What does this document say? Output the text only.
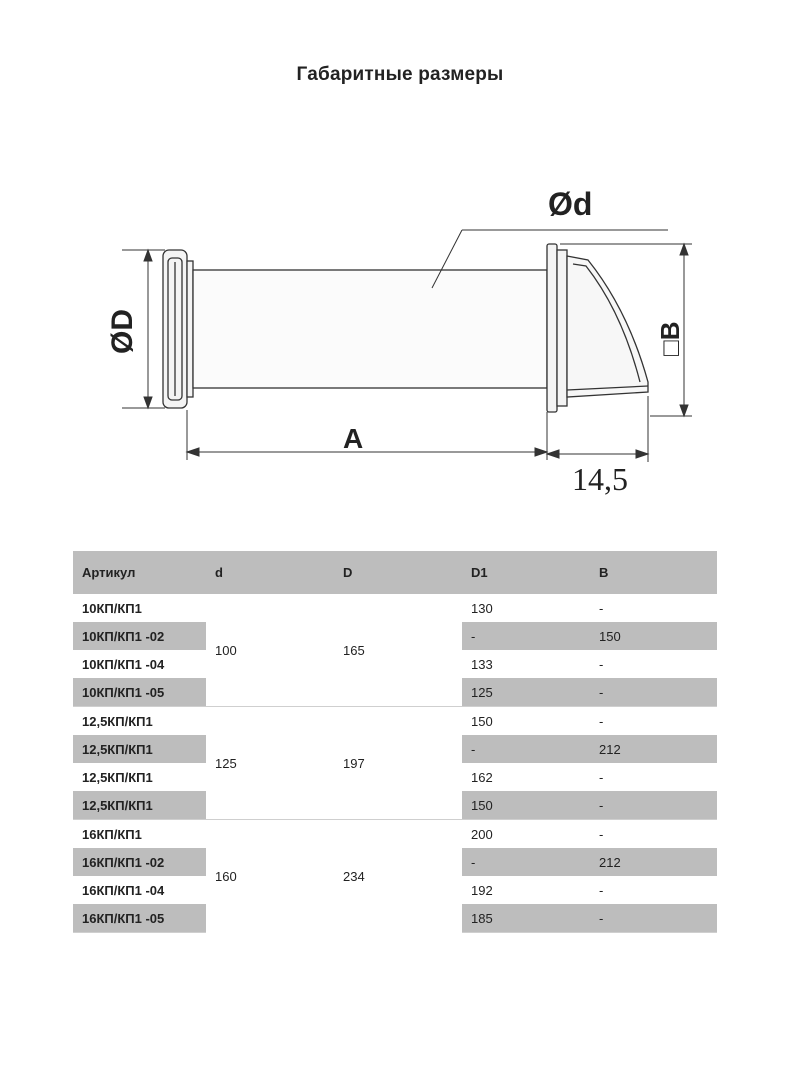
Габаритные размеры
Ød
ØD
A
□B
14,5
Артикул	d	D	D1	B
10КП/КП1	100	165	130	-
10КП/КП1 -02			-	150
10КП/КП1 -04			133	-
10КП/КП1 -05			125	-
12,5КП/КП1	125	197	150	-
12,5КП/КП1			-	212
12,5КП/КП1			162	-
12,5КП/КП1			150	-
16КП/КП1	160	234	200	-
16КП/КП1 -02			-	212
16КП/КП1 -04			192	-
16КП/КП1 -05			185	-
